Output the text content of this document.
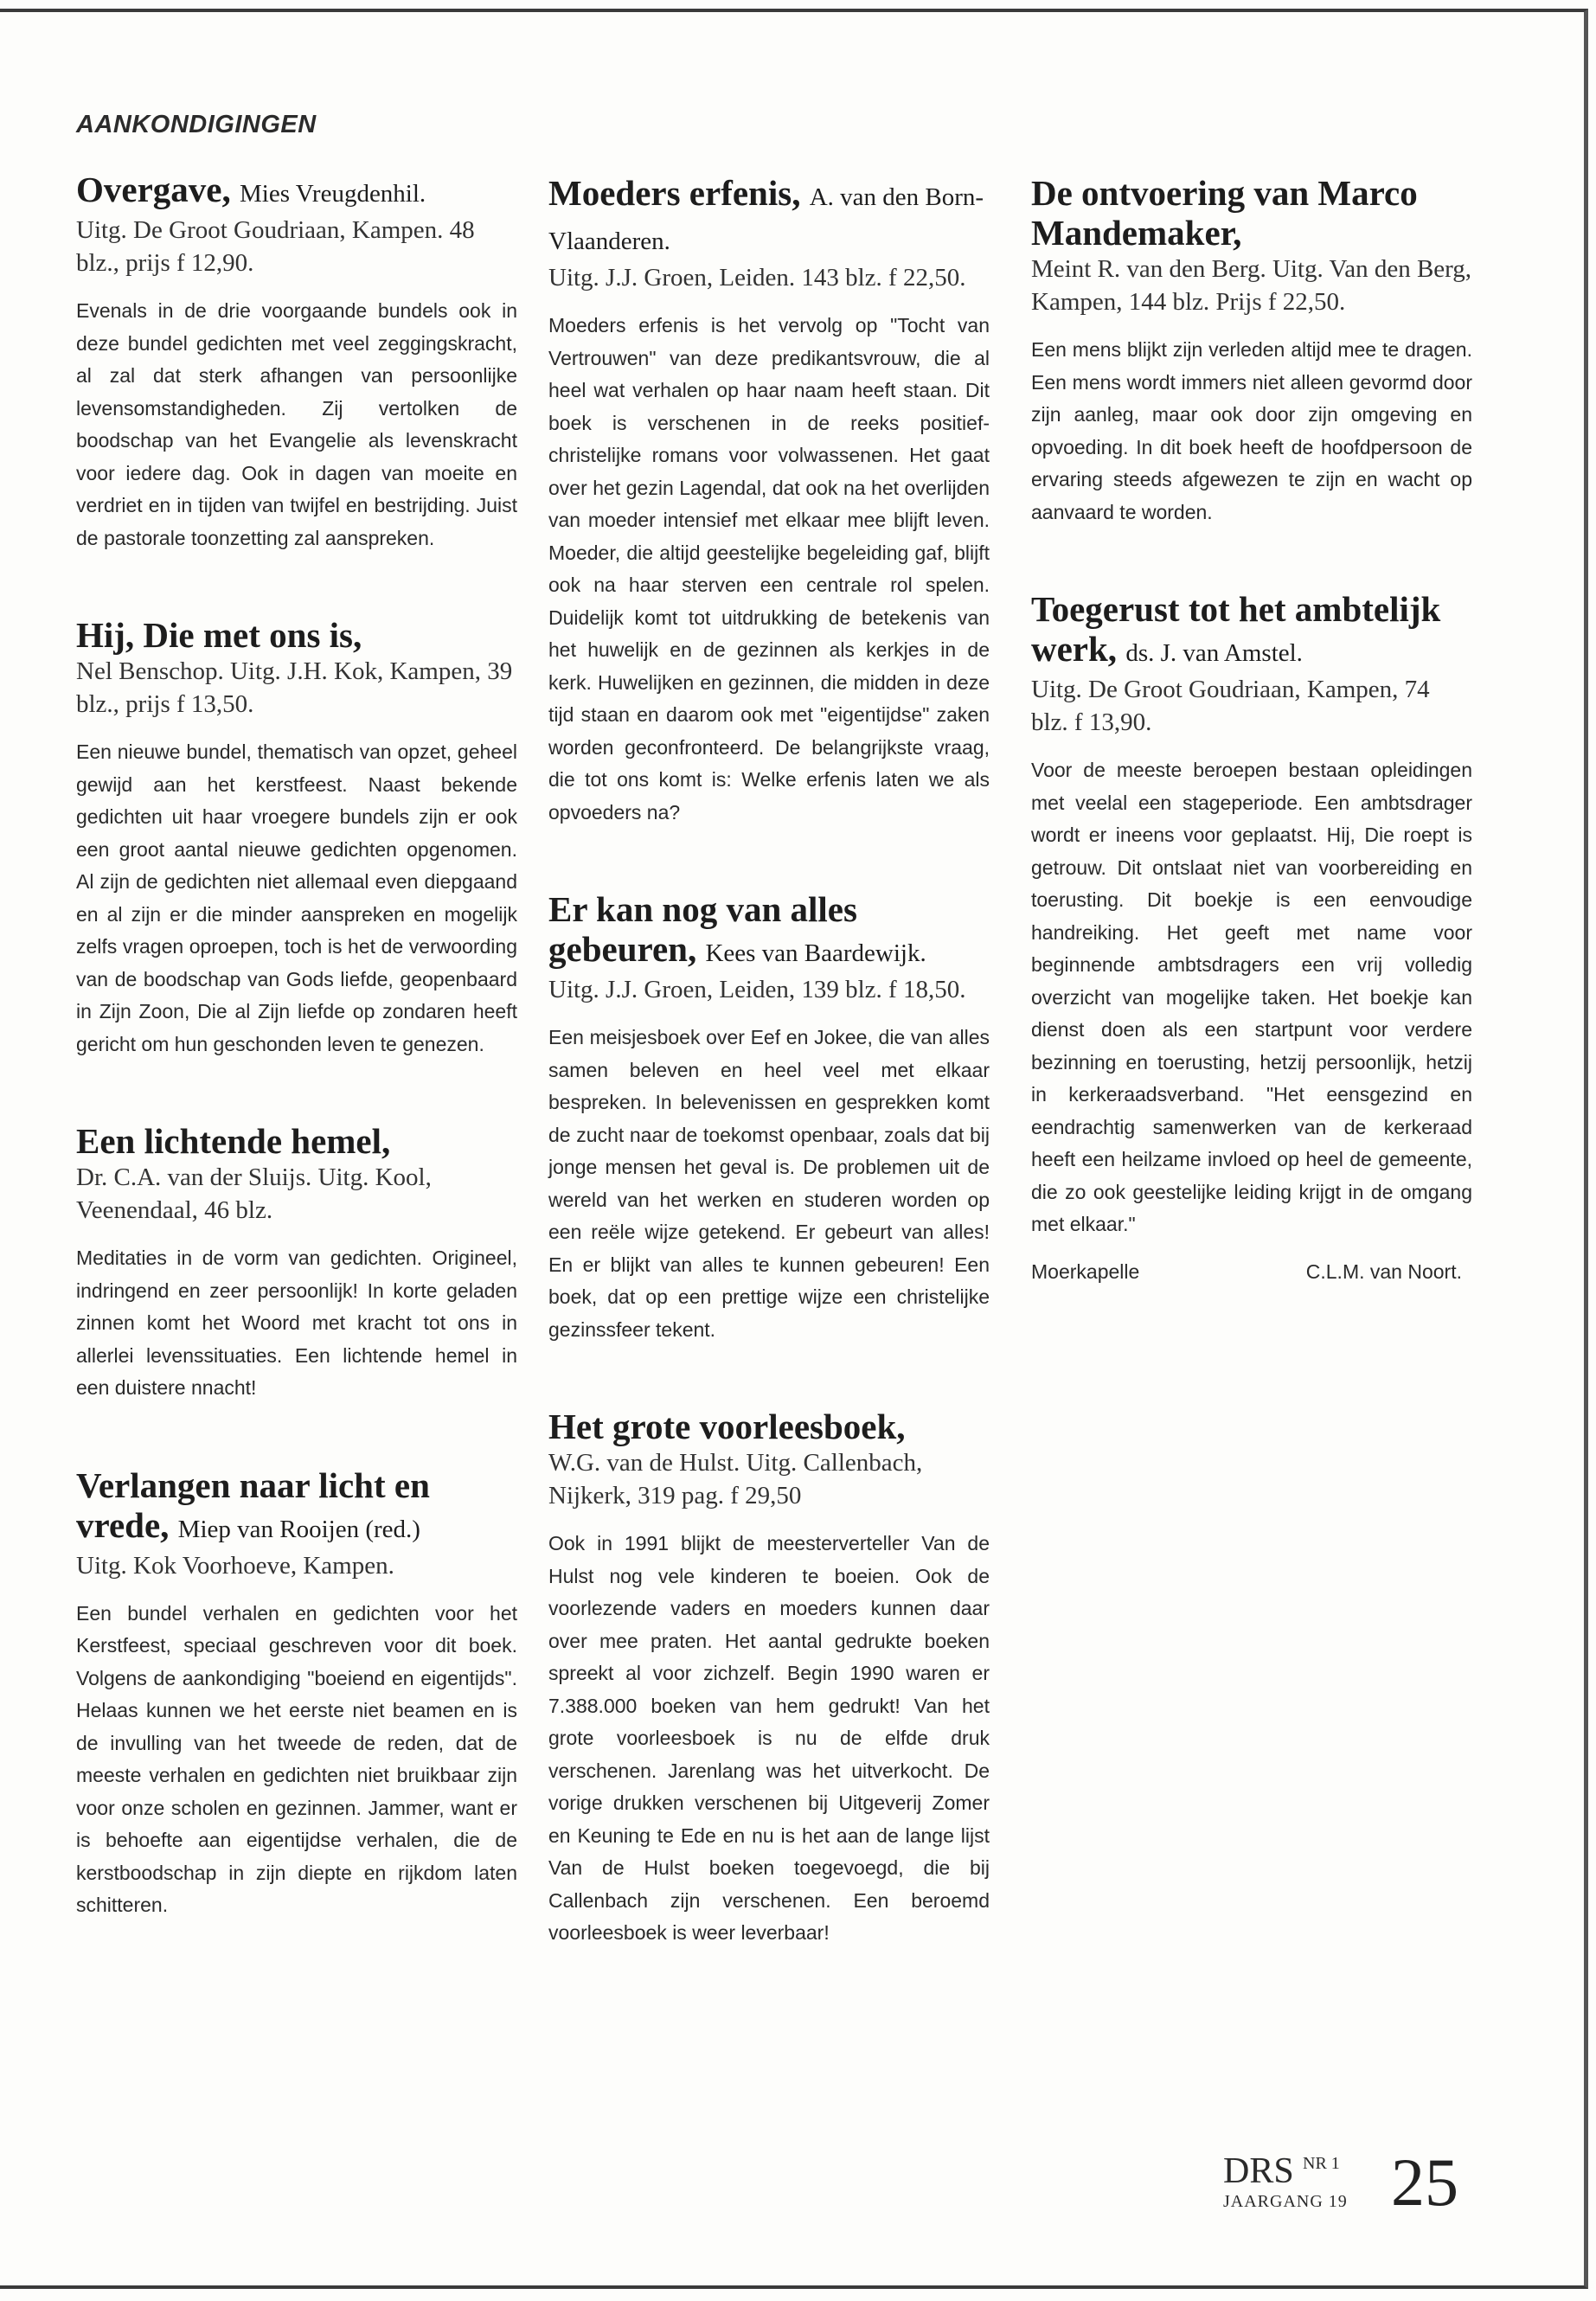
AANKONDIGINGEN
Overgave, Mies Vreugdenhil.
Uitg. De Groot Goudriaan, Kampen. 48 blz., prijs f 12,90.
Evenals in de drie voorgaande bundels ook in deze bundel gedichten met veel zeggingskracht, al zal dat sterk afhangen van persoonlijke levensomstandigheden. Zij vertolken de boodschap van het Evangelie als levenskracht voor iedere dag. Ook in dagen van moeite en verdriet en in tijden van twijfel en bestrijding. Juist de pastorale toonzetting zal aanspreken.
Hij, Die met ons is,
Nel Benschop. Uitg. J.H. Kok, Kampen, 39 blz., prijs f 13,50.
Een nieuwe bundel, thematisch van opzet, geheel gewijd aan het kerstfeest. Naast bekende gedichten uit haar vroegere bundels zijn er ook een groot aantal nieuwe gedichten opgenomen. Al zijn de gedichten niet allemaal even diepgaand en al zijn er die minder aanspreken en mogelijk zelfs vragen oproepen, toch is het de verwoording van de boodschap van Gods liefde, geopenbaard in Zijn Zoon, Die al Zijn liefde op zondaren heeft gericht om hun geschonden leven te genezen.
Een lichtende hemel,
Dr. C.A. van der Sluijs. Uitg. Kool, Veenendaal, 46 blz.
Meditaties in de vorm van gedichten. Origineel, indringend en zeer persoonlijk! In korte geladen zinnen komt het Woord met kracht tot ons in allerlei levenssituaties. Een lichtende hemel in een duistere nnacht!
Verlangen naar licht en vrede, Miep van Rooijen (red.)
Uitg. Kok Voorhoeve, Kampen.
Een bundel verhalen en gedichten voor het Kerstfeest, speciaal geschreven voor dit boek. Volgens de aankondiging "boeiend en eigentijds". Helaas kunnen we het eerste niet beamen en is de invulling van het tweede de reden, dat de meeste verhalen en gedichten niet bruikbaar zijn voor onze scholen en gezinnen. Jammer, want er is behoefte aan eigentijdse verhalen, die de kerstboodschap in zijn diepte en rijkdom laten schitteren.
Moeders erfenis, A. van den Born-Vlaanderen.
Uitg. J.J. Groen, Leiden. 143 blz. f 22,50.
Moeders erfenis is het vervolg op "Tocht van Vertrouwen" van deze predikantsvrouw, die al heel wat verhalen op haar naam heeft staan. Dit boek is verschenen in de reeks positief-christelijke romans voor volwassenen. Het gaat over het gezin Lagendal, dat ook na het overlijden van moeder intensief met elkaar mee blijft leven. Moeder, die altijd geestelijke begeleiding gaf, blijft ook na haar sterven een centrale rol spelen. Duidelijk komt tot uitdrukking de betekenis van het huwelijk en de gezinnen als kerkjes in de kerk. Huwelijken en gezinnen, die midden in deze tijd staan en daarom ook met "eigentijdse" zaken worden geconfronteerd. De belangrijkste vraag, die tot ons komt is: Welke erfenis laten we als opvoeders na?
Er kan nog van alles gebeuren, Kees van Baardewijk.
Uitg. J.J. Groen, Leiden, 139 blz. f 18,50.
Een meisjesboek over Eef en Jokee, die van alles samen beleven en heel veel met elkaar bespreken. In belevenissen en gesprekken komt de zucht naar de toekomst openbaar, zoals dat bij jonge mensen het geval is. De problemen uit de wereld van het werken en studeren worden op een reële wijze getekend. Er gebeurt van alles! En er blijkt van alles te kunnen gebeuren! Een boek, dat op een prettige wijze een christelijke gezinssfeer tekent.
Het grote voorleesboek,
W.G. van de Hulst. Uitg. Callenbach, Nijkerk, 319 pag. f 29,50
Ook in 1991 blijkt de meesterverteller Van de Hulst nog vele kinderen te boeien. Ook de voorlezende vaders en moeders kunnen daar over mee praten. Het aantal gedrukte boeken spreekt al voor zichzelf. Begin 1990 waren er 7.388.000 boeken van hem gedrukt! Van het grote voorleesboek is nu de elfde druk verschenen. Jarenlang was het uitverkocht. De vorige drukken verschenen bij Uitgeverij Zomer en Keuning te Ede en nu is het aan de lange lijst Van de Hulst boeken toegevoegd, die bij Callenbach zijn verschenen. Een beroemd voorleesboek is weer leverbaar!
De ontvoering van Marco Mandemaker,
Meint R. van den Berg. Uitg. Van den Berg, Kampen, 144 blz. Prijs f 22,50.
Een mens blijkt zijn verleden altijd mee te dragen. Een mens wordt immers niet alleen gevormd door zijn aanleg, maar ook door zijn omgeving en opvoeding. In dit boek heeft de hoofdpersoon de ervaring steeds afgewezen te zijn en wacht op aanvaard te worden.
Toegerust tot het ambtelijk werk, ds. J. van Amstel.
Uitg. De Groot Goudriaan, Kampen, 74 blz. f 13,90.
Voor de meeste beroepen bestaan opleidingen met veelal een stageperiode. Een ambtsdrager wordt er ineens voor geplaatst. Hij, Die roept is getrouw. Dit ontslaat niet van voorbereiding en toerusting. Dit boekje is een eenvoudige handreiking. Het geeft met name voor beginnende ambtsdragers een vrij volledig overzicht van mogelijke taken. Het boekje kan dienst doen als een startpunt voor verdere bezinning en toerusting, hetzij persoonlijk, hetzij in kerkeraadsverband. "Het eensgezind en eendrachtig samenwerken van de kerkeraad heeft een heilzame invloed op heel de gemeente, die zo ook geestelijke leiding krijgt in de omgang met elkaar."
Moerkapelle	C.L.M. van Noort.
DRS NR 1
JAARGANG 19 25
